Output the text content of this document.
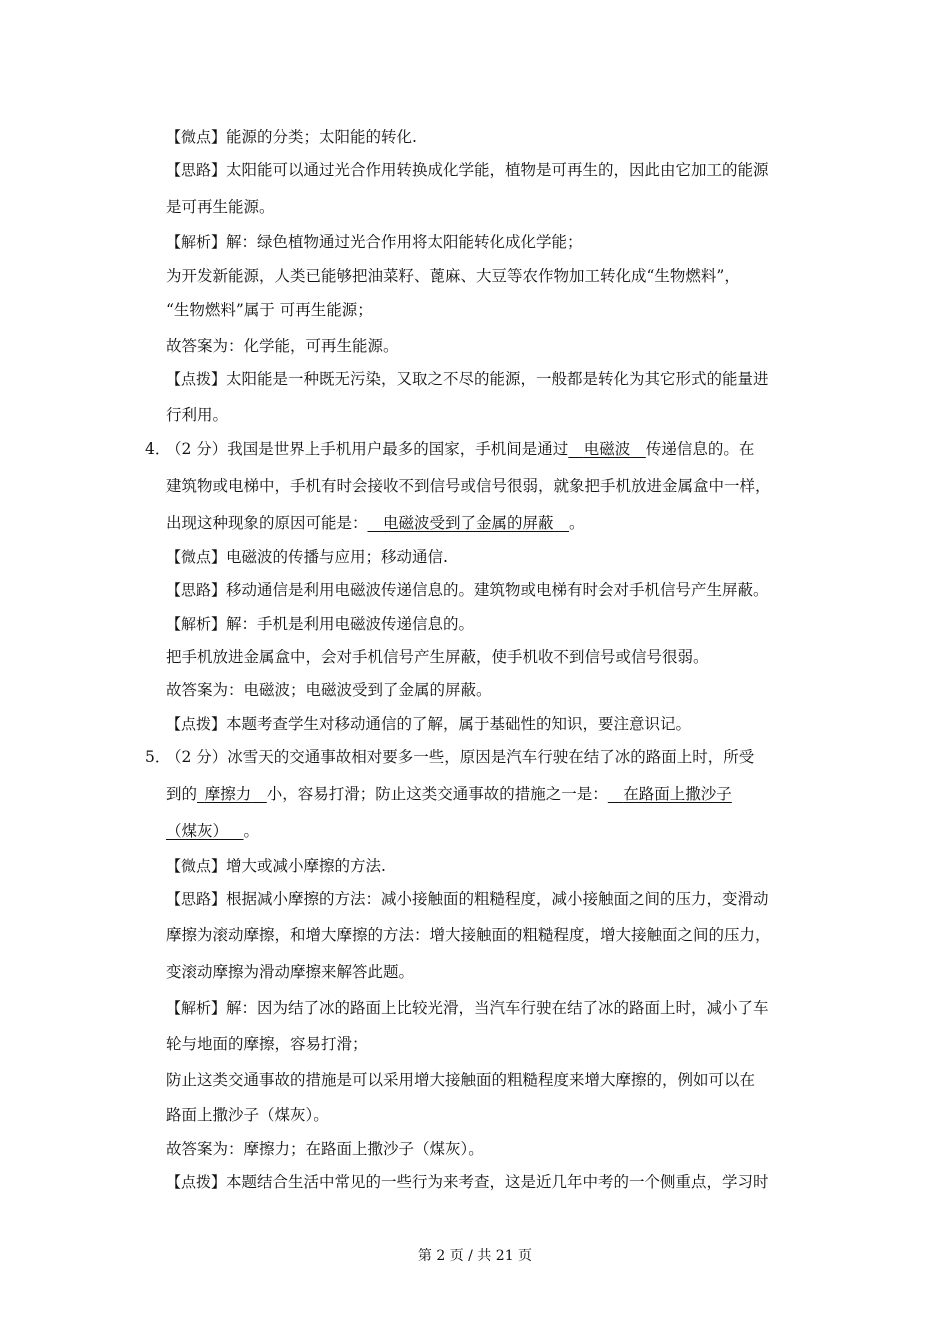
【微点】能源的分类；太阳能的转化.
【思路】太阳能可以通过光合作用转换成化学能，植物是可再生的，因此由它加工的能源
是可再生能源。
【解析】解：绿色植物通过光合作用将太阳能转化成化学能；
为开发新能源，人类已能够把油菜籽、蓖麻、大豆等农作物加工转化成“生物燃料”，
“生物燃料”属于 可再生能源；
故答案为：化学能，可再生能源。
【点拨】太阳能是一种既无污染，又取之不尽的能源，一般都是转化为其它形式的能量进
行利用。
4．
（2 分）我国是世界上手机用户最多的国家，手机间是通过  电磁波  传递信息的。在
建筑物或电梯中，手机有时会接收不到信号或信号很弱，就象把手机放进金属盒中一样，
出现这种现象的原因可能是：   电磁波受到了金属的屏蔽  。
【微点】电磁波的传播与应用；移动通信.
【思路】移动通信是利用电磁波传递信息的。建筑物或电梯有时会对手机信号产生屏蔽。
【解析】解：手机是利用电磁波传递信息的。
把手机放进金属盒中，会对手机信号产生屏蔽，使手机收不到信号或信号很弱。
故答案为：电磁波；电磁波受到了金属的屏蔽。
【点拨】本题考查学生对移动通信的了解，属于基础性的知识，要注意识记。
5．
（2 分）冰雪天的交通事故相对要多一些，原因是汽车行驶在结了冰的路面上时，所受
到的  摩擦力  小，容易打滑；防止这类交通事故的措施之一是：  在路面上撒沙子
（煤灰）  。
【微点】增大或减小摩擦的方法.
【思路】根据减小摩擦的方法：减小接触面的粗糙程度，减小接触面之间的压力，变滑动
摩擦为滚动摩擦，和增大摩擦的方法：增大接触面的粗糙程度，增大接触面之间的压力，
变滚动摩擦为滑动摩擦来解答此题。
【解析】解：因为结了冰的路面上比较光滑，当汽车行驶在结了冰的路面上时，减小了车
轮与地面的摩擦，容易打滑；
防止这类交通事故的措施是可以采用增大接触面的粗糙程度来增大摩擦的，例如可以在
路面上撒沙子（煤灰）。
故答案为：摩擦力；在路面上撒沙子（煤灰）。
【点拨】本题结合生活中常见的一些行为来考查，这是近几年中考的一个侧重点，学习时
第 2 页 / 共 21 页
